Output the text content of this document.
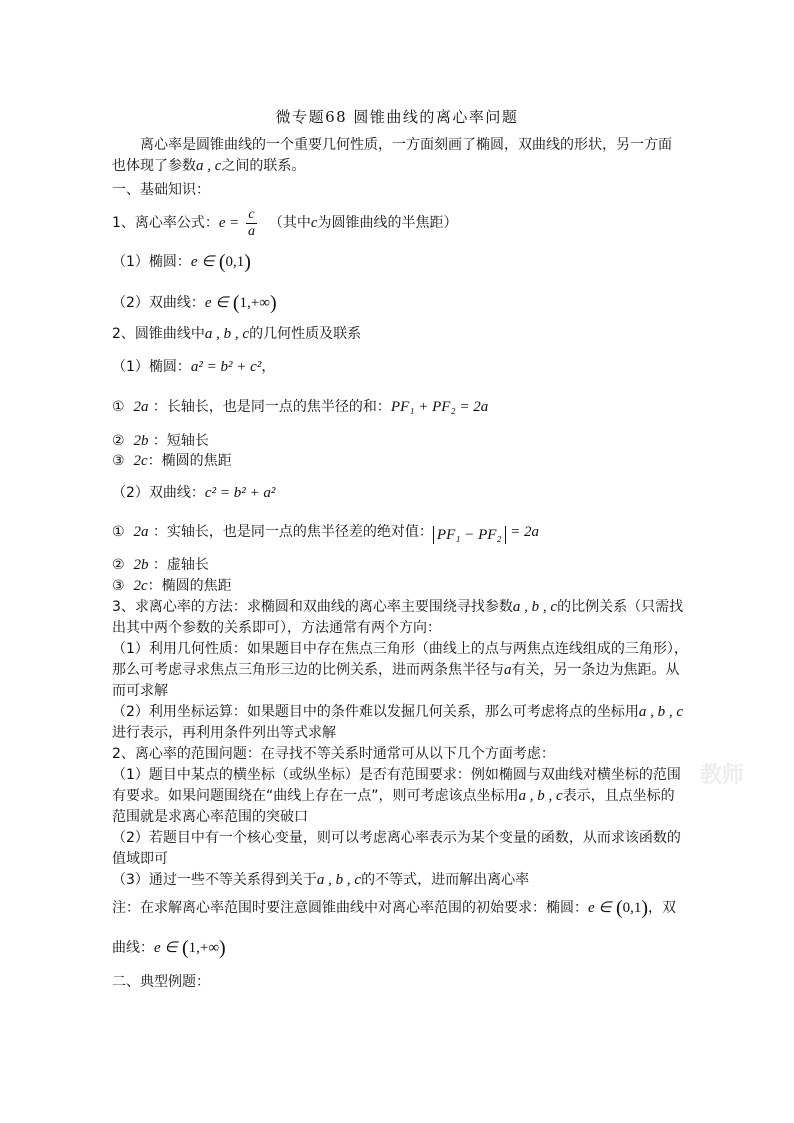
微专题68 圆锥曲线的离心率问题
离心率是圆锥曲线的一个重要几何性质，一方面刻画了椭圆，双曲线的形状，另一方面
也体现了参数a , c之间的联系。
一、基础知识：
1、离心率公式：$e = \frac{c}{a}$ （其中c为圆锥曲线的半焦距）
（1）椭圆：e ∈ (0,1)
（2）双曲线：e ∈ (1,+∞)
2、圆锥曲线中a , b , c的几何性质及联系
（1）椭圆：a² = b² + c²，
① 2a ：长轴长，也是同一点的焦半径的和：PF₁ + PF₂ = 2a
② 2b ：短轴长
③ 2c：椭圆的焦距
（2）双曲线：c² = b² + a²
① 2a ：实轴长，也是同一点的焦半径差的绝对值： PF₁ − PF₂ = 2a
② 2b ：虚轴长
③ 2c：椭圆的焦距
3、求离心率的方法：求椭圆和双曲线的离心率主要围绕寻找参数a , b , c的比例关系（只需找
出其中两个参数的关系即可），方法通常有两个方向：
（1）利用几何性质：如果题目中存在焦点三角形（曲线上的点与两焦点连线组成的三角形），
那么可考虑寻求焦点三角形三边的比例关系，进而两条焦半径与a有关，另一条边为焦距。从
而可求解
（2）利用坐标运算：如果题目中的条件难以发掘几何关系，那么可考虑将点的坐标用a , b , c
进行表示，再利用条件列出等式求解
2、离心率的范围问题：在寻找不等关系时通常可从以下几个方面考虑：
（1）题目中某点的横坐标（或纵坐标）是否有范围要求：例如椭圆与双曲线对横坐标的范围
有要求。如果问题围绕在“曲线上存在一点”，则可考虑该点坐标用a , b , c表示，且点坐标的
范围就是求离心率范围的突破口
（2）若题目中有一个核心变量，则可以考虑离心率表示为某个变量的函数，从而求该函数的
值域即可
（3）通过一些不等关系得到关于a , b , c的不等式，进而解出离心率
注：在求解离心率范围时要注意圆锥曲线中对离心率范围的初始要求：椭圆：e ∈ (0,1)，双
曲线：e ∈ (1,+∞)
二、典型例题：
教师
